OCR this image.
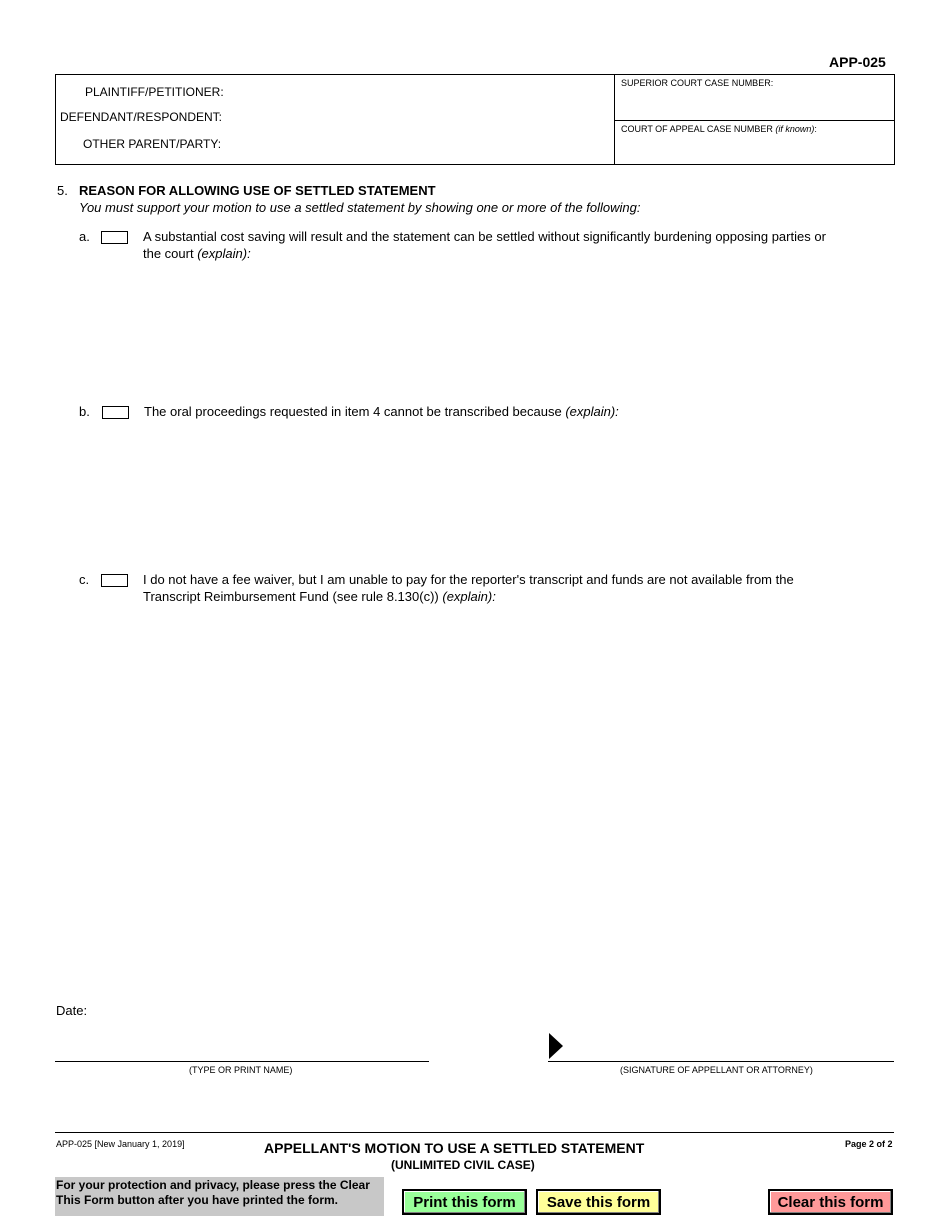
APP-025
PLAINTIFF/PETITIONER:
DEFENDANT/RESPONDENT:
OTHER PARENT/PARTY:
SUPERIOR COURT CASE NUMBER:
COURT OF APPEAL CASE NUMBER (if known):
5. REASON FOR ALLOWING USE OF SETTLED STATEMENT
You must support your motion to use a settled statement by showing one or more of the following:
a.	A substantial cost saving will result and the statement can be settled without significantly burdening opposing parties or
the court (explain):
b.	The oral proceedings requested in item 4 cannot be transcribed because (explain):
c.	I do not have a fee waiver, but I am unable to pay for the reporter's transcript and funds are not available from the
Transcript Reimbursement Fund (see rule 8.130(c)) (explain):
Date:
(TYPE OR PRINT NAME)	(SIGNATURE OF APPELLANT OR ATTORNEY)
APP-025 [New January 1, 2019]	APPELLANT'S MOTION TO USE A SETTLED STATEMENT
(UNLIMITED CIVIL CASE)
Page 2 of 2
For your protection and privacy, please press the Clear
This Form button after you have printed the form.	Print this form	Save this form	Clear this form
